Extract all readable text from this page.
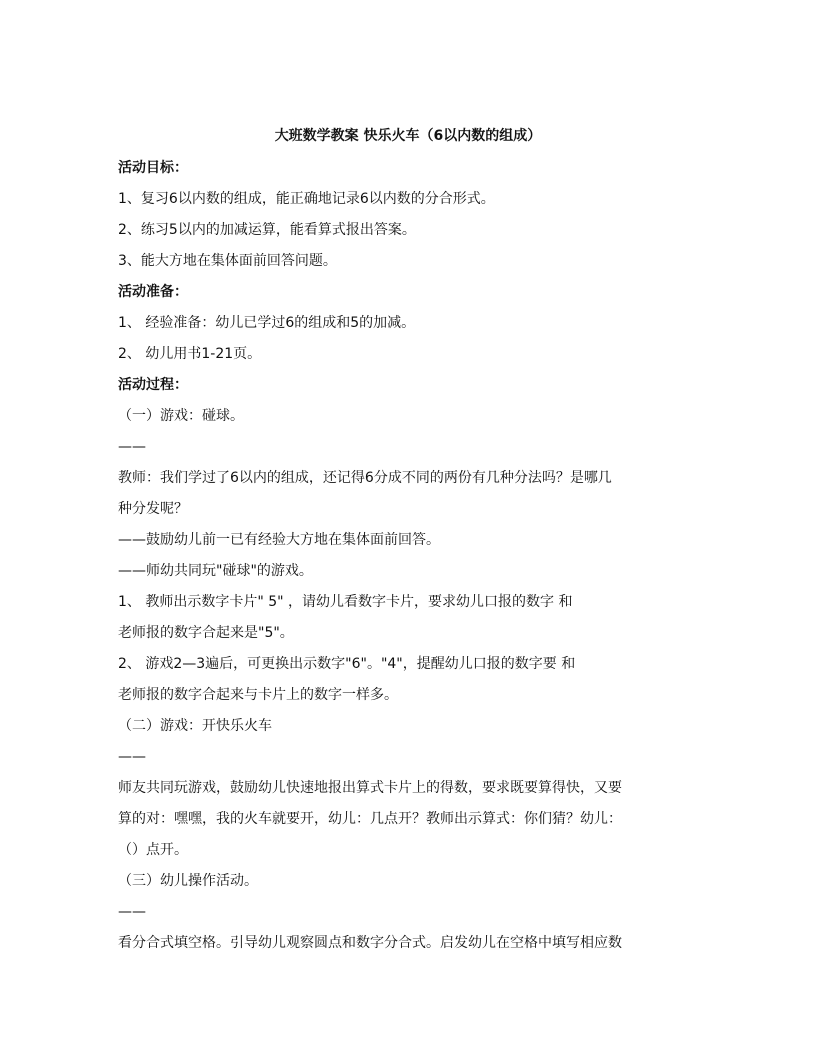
大班数学教案 快乐火车（6以内数的组成）
活动目标：
1、复习6以内数的组成，能正确地记录6以内数的分合形式。
2、练习5以内的加减运算，能看算式报出答案。
3、能大方地在集体面前回答问题。
活动准备：
1、 经验准备：幼儿已学过6的组成和5的加减。
2、 幼儿用书1-21页。
活动过程：
（一）游戏：碰球。
——
教师：我们学过了6以内的组成，还记得6分成不同的两份有几种分法吗？是哪几
种分发呢？
——鼓励幼儿前一已有经验大方地在集体面前回答。
——师幼共同玩"碰球"的游戏。
1、 教师出示数字卡片" 5" ，请幼儿看数字卡片，要求幼儿口报的数字 和
老师报的数字合起来是"5"。
2、 游戏2—3遍后，可更换出示数字"6"。"4"，提醒幼儿口报的数字要 和
老师报的数字合起来与卡片上的数字一样多。
（二）游戏：开快乐火车
——
师友共同玩游戏，鼓励幼儿快速地报出算式卡片上的得数，要求既要算得快，又要
算的对：嘿嘿，我的火车就要开，幼儿：几点开？教师出示算式：你们猜？幼儿：
（）点开。
（三）幼儿操作活动。
——
看分合式填空格。引导幼儿观察圆点和数字分合式。启发幼儿在空格中填写相应数
